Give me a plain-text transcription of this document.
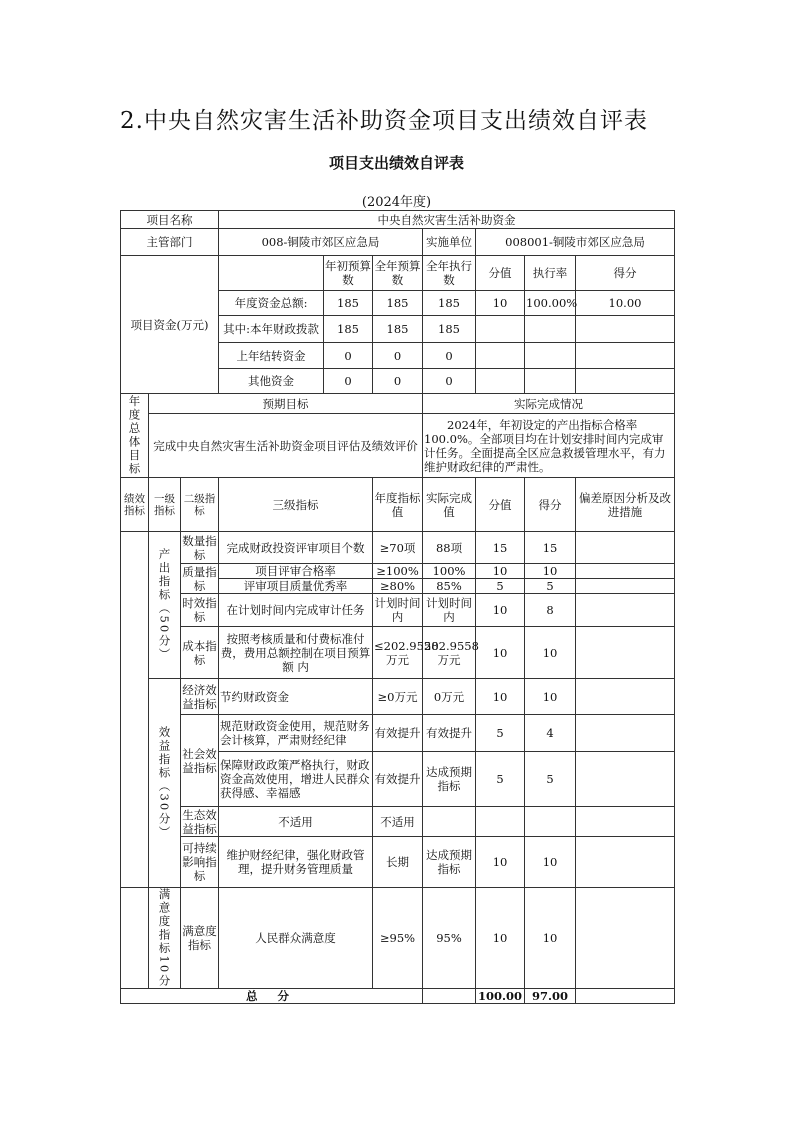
2.中央自然灾害生活补助资金项目支出绩效自评表
项目支出绩效自评表
(2024年度)
项目名称			中央自然灾害生活补助资金						
主管部门			008-铜陵市郊区应急局			实施单位	008001-铜陵市郊区应急局		
项目资金(万元)				年初预算数	全年预算数	全年执行数	分值	执行率	得分
			年度资金总额:	185	185	185	10	100.00%	10.00
			其中:本年财政拨款	185	185	185			
			上年结转资金	0	0	0			
			其他资金	0	0	0			

年度总体目标	预期目标					实际完成情况			
	完成中央自然灾害生活补助资金项目评估及绩效评价					2024年，年初设定的产出指标合格率100.0%。全部项目均在计划安排时间内完成审计任务。全面提高全区应急救援管理水平，有力维护财政纪律的严肃性。			
绩效指标	一级指标	二级指标	三级指标		年度指标值	实际完成值	分值	得分	偏差原因分析及改进措施

	产出指标（50分）	数量指标	完成财政投资评审项目个数		≥70项	88项	15	15	
		质量指标	项目评审合格率		≥100%	100%	10	10	
			评审项目质量优秀率		≥80%	85%	5	5	
		时效指标	在计划时间内完成审计任务		计划时间内	计划时间内	10	8	
		成本指标	按照考核质量和付费标准付费，费用总额控制在项目预算额 内		≤202.9558万元	202.9558万元	10	10	

	效益指标（30分）	经济效益指标	节约财政资金		≥0万元	0万元	10	10	
		社会效益指标	规范财政资金使用，规范财务会计核算，严肃财经纪律		有效提升	有效提升	5	4	
			保障财政政策严格执行，财政资金高效使用，增进人民群众获得感、幸福感		有效提升	达成预期指标	5	5	
		生态效益指标	不适用		不适用				
		可持续影响指标	维护财经纪律，强化财政管理，提升财务管理质量		长期	达成预期指标	10	10	

	满意度指标10分	满意度指标	人民群众满意度		≥95%	95%	10	10	
总 分							100.00	97.00	
